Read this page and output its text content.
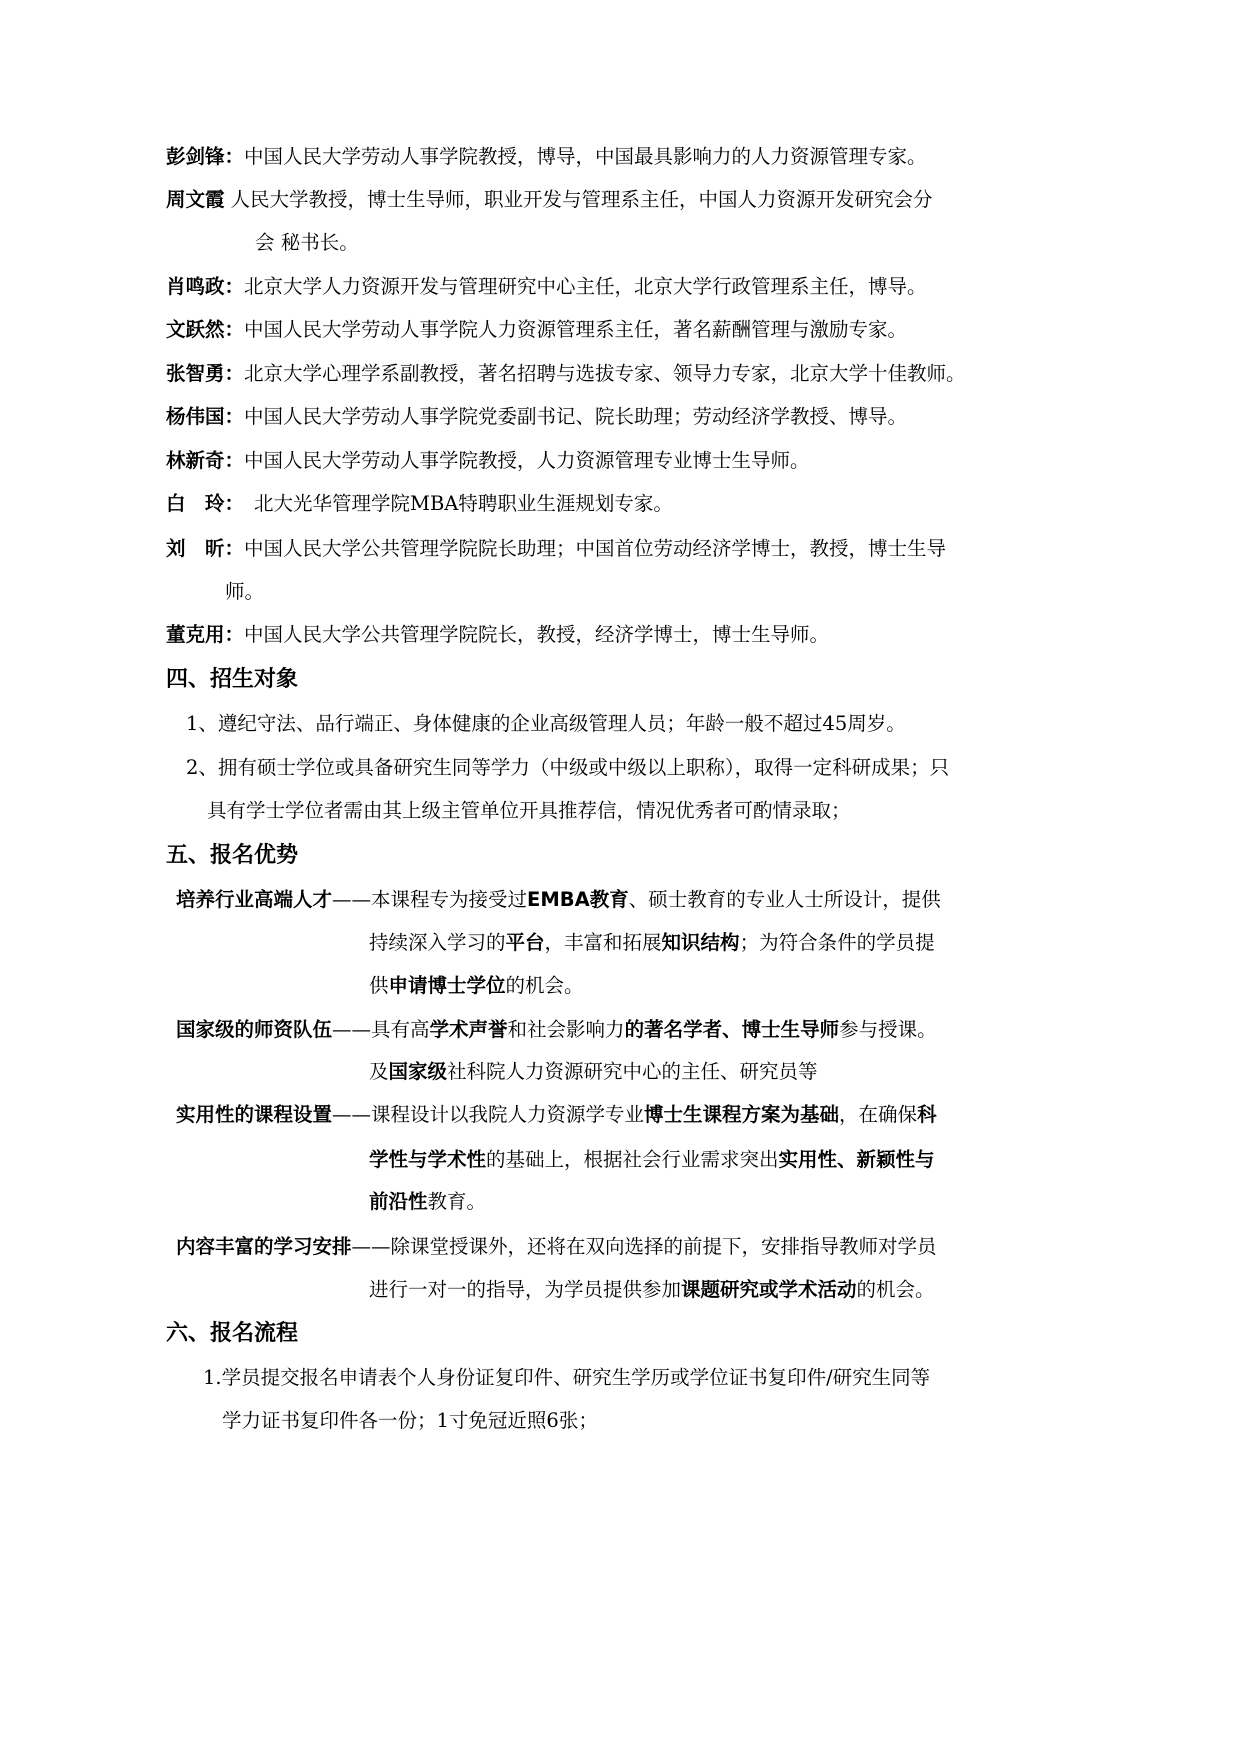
彭剑锋：中国人民大学劳动人事学院教授，博导，中国最具影响力的人力资源管理专家。
周文霞 人民大学教授，博士生导师，职业开发与管理系主任，中国人力资源开发研究会分
会 秘书长。
肖鸣政：北京大学人力资源开发与管理研究中心主任，北京大学行政管理系主任，博导。
文跃然：中国人民大学劳动人事学院人力资源管理系主任，著名薪酬管理与激励专家。
张智勇：北京大学心理学系副教授，著名招聘与选拔专家、领导力专家，北京大学十佳教师。
杨伟国：中国人民大学劳动人事学院党委副书记、院长助理；劳动经济学教授、博导。
林新奇：中国人民大学劳动人事学院教授，人力资源管理专业博士生导师。
白　玲： 北大光华管理学院MBA特聘职业生涯规划专家。
刘　昕：中国人民大学公共管理学院院长助理；中国首位劳动经济学博士，教授，博士生导
师。
董克用：中国人民大学公共管理学院院长，教授，经济学博士，博士生导师。
四、招生对象
1、遵纪守法、品行端正、身体健康的企业高级管理人员；年龄一般不超过45周岁。
2、拥有硕士学位或具备研究生同等学力（中级或中级以上职称），取得一定科研成果；只
具有学士学位者需由其上级主管单位开具推荐信，情况优秀者可酌情录取；
五、报名优势
培养行业高端人才——本课程专为接受过EMBA教育、硕士教育的专业人士所设计，提供
持续深入学习的平台，丰富和拓展知识结构；为符合条件的学员提
供申请博士学位的机会。
国家级的师资队伍——具有高学术声誉和社会影响力的著名学者、博士生导师参与授课。
及国家级社科院人力资源研究中心的主任、研究员等
实用性的课程设置——课程设计以我院人力资源学专业博士生课程方案为基础，在确保科
学性与学术性的基础上，根据社会行业需求突出实用性、新颖性与
前沿性教育。
内容丰富的学习安排——除课堂授课外，还将在双向选择的前提下，安排指导教师对学员
进行一对一的指导，为学员提供参加课题研究或学术活动的机会。
六、报名流程
1.学员提交报名申请表个人身份证复印件、研究生学历或学位证书复印件/研究生同等
学力证书复印件各一份；1寸免冠近照6张；
